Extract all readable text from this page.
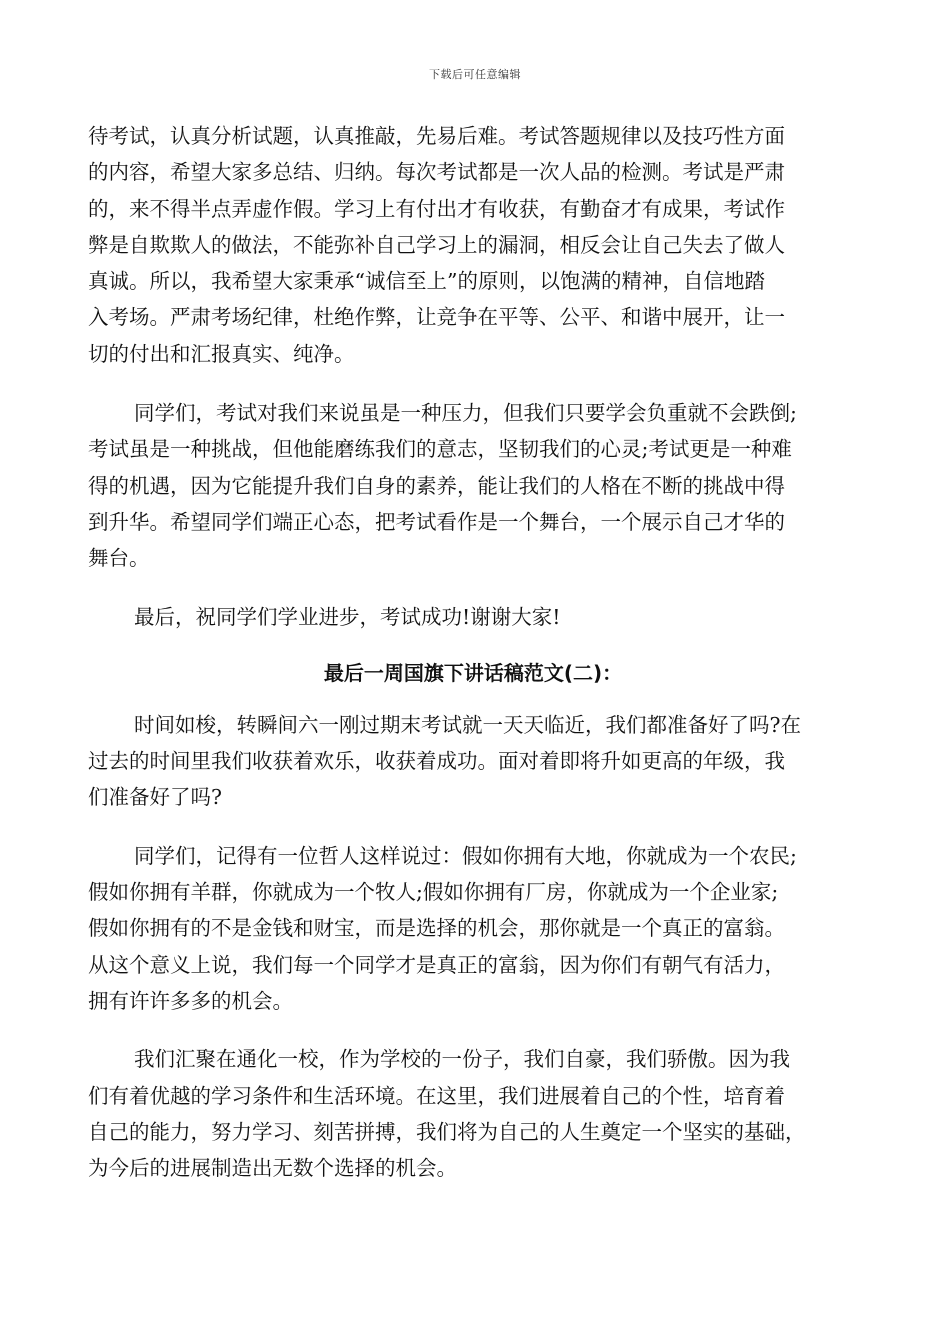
下载后可任意编辑
待考试，认真分析试题，认真推敲，先易后难。考试答题规律以及技巧性方面
的内容，希望大家多总结、归纳。每次考试都是一次人品的检测。考试是严肃
的，来不得半点弄虚作假。学习上有付出才有收获，有勤奋才有成果，考试作
弊是自欺欺人的做法，不能弥补自己学习上的漏洞，相反会让自己失去了做人
真诚。所以，我希望大家秉承“诚信至上”的原则，以饱满的精神，自信地踏
入考场。严肃考场纪律，杜绝作弊，让竞争在平等、公平、和谐中展开，让一
切的付出和汇报真实、纯净。
同学们，考试对我们来说虽是一种压力，但我们只要学会负重就不会跌倒;
考试虽是一种挑战，但他能磨练我们的意志，坚韧我们的心灵;考试更是一种难
得的机遇，因为它能提升我们自身的素养，能让我们的人格在不断的挑战中得
到升华。希望同学们端正心态，把考试看作是一个舞台，一个展示自己才华的
舞台。
最后，祝同学们学业进步，考试成功!谢谢大家!
最后一周国旗下讲话稿范文(二)：
时间如梭，转瞬间六一刚过期末考试就一天天临近，我们都准备好了吗?在
过去的时间里我们收获着欢乐，收获着成功。面对着即将升如更高的年级，我
们准备好了吗?
同学们，记得有一位哲人这样说过：假如你拥有大地，你就成为一个农民;
假如你拥有羊群，你就成为一个牧人;假如你拥有厂房，你就成为一个企业家;
假如你拥有的不是金钱和财宝，而是选择的机会，那你就是一个真正的富翁。
从这个意义上说，我们每一个同学才是真正的富翁，因为你们有朝气有活力，
拥有许许多多的机会。
我们汇聚在通化一校，作为学校的一份子，我们自豪，我们骄傲。因为我
们有着优越的学习条件和生活环境。在这里，我们进展着自己的个性，培育着
自己的能力，努力学习、刻苦拼搏，我们将为自己的人生奠定一个坚实的基础，
为今后的进展制造出无数个选择的机会。
